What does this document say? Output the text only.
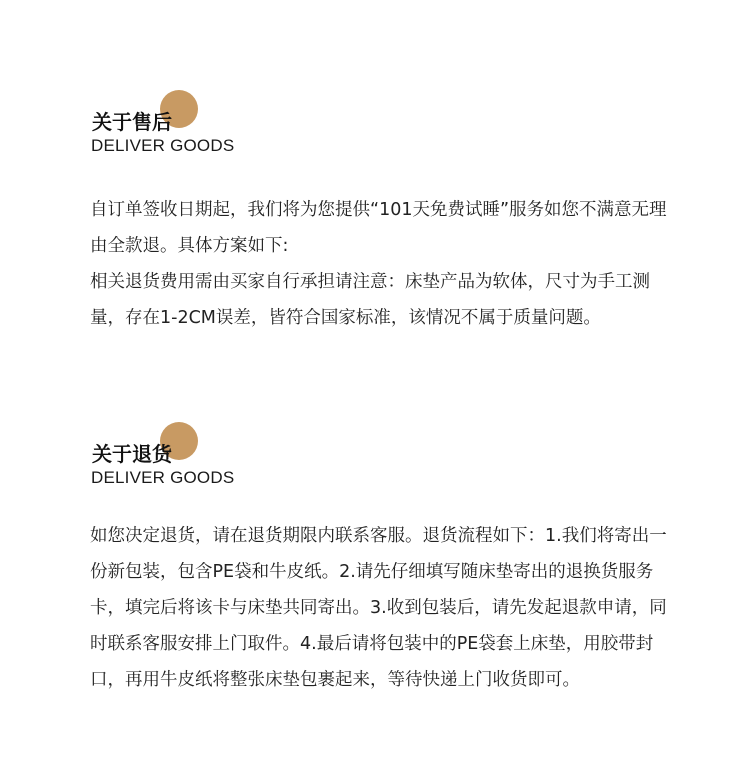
关于售后
DELIVER GOODS

自订单签收日期起，我们将为您提供“101天免费试睡”服务如您不满意无理由全款退。具体方案如下:

相关退货费用需由买家自行承担请注意：床垫产品为软体，尺寸为手工测量，存在1-2CM误差，皆符合国家标准，该情况不属于质量问题。

关于退货
DELIVER GOODS

如您决定退货，请在退货期限内联系客服。退货流程如下：1.我们将寄出一份新包装，包含PE袋和牛皮纸。2.请先仔细填写随床垫寄出的退换货服务卡，填完后将该卡与床垫共同寄出。3.收到包装后，请先发起退款申请，同时联系客服安排上门取件。4.最后请将包装中的PE袋套上床垫，用胶带封口，再用牛皮纸将整张床垫包裹起来，等待快递上门收货即可。
